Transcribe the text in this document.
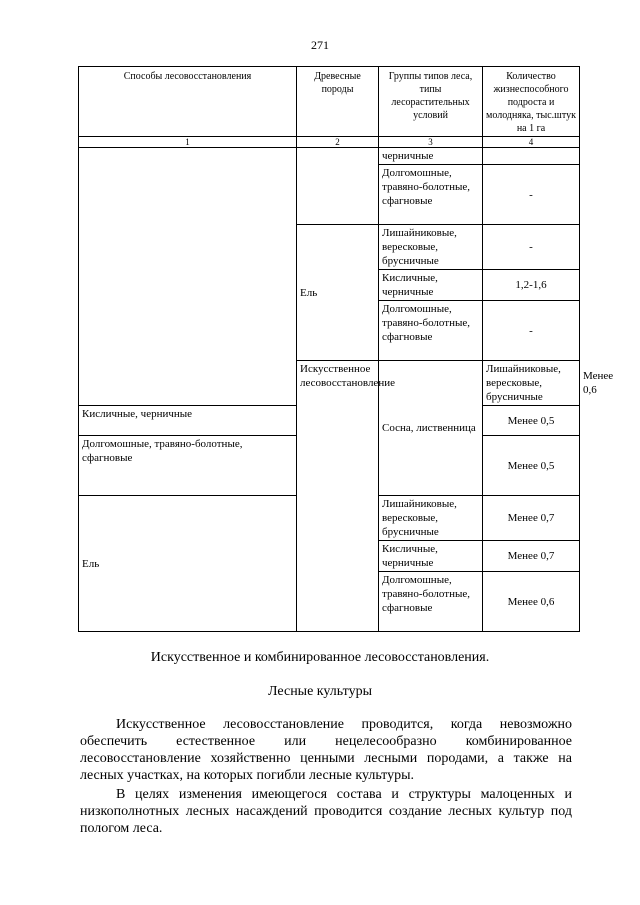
271
Способы лесовосстановления	Древесные породы	Группы типов леса, типы лесорастительных условий	Количество жизнеспособного подроста и молодняка, тыс.штук на 1 га	
1	2	3	4	
		черничные		
		Долгомошные, травяно-болотные, сфагновые	-	
	Ель	Лишайниковые, вересковые, брусничные	-	
		Кисличные, черничные	1,2-1,6	
		Долгомошные, травяно-болотные, сфагновые	-	
	Искусственное лесовосстановление	Сосна, лиственница	Лишайниковые, вересковые, брусничные	Менее 0,6
Кисличные, черничные			Менее 0,5	
Долгомошные, травяно-болотные, сфагновые			Менее 0,5	
Ель		Лишайниковые, вересковые, брусничные	Менее 0,7	
		Кисличные, черничные	Менее 0,7	
		Долгомошные, травяно-болотные, сфагновые	Менее 0,6	
Искусственное и комбинированное лесовосстановления.
Лесные культуры

Искусственное лесовосстановление проводится, когда невозможно обеспечить естественное или нецелесообразно комбинированное лесовосстановление хозяйственно ценными лесными породами, а также на лесных участках, на которых погибли лесные культуры.

В целях изменения имеющегося состава и структуры малоценных и низкополнотных лесных насаждений проводится создание лесных культур под пологом леса.
